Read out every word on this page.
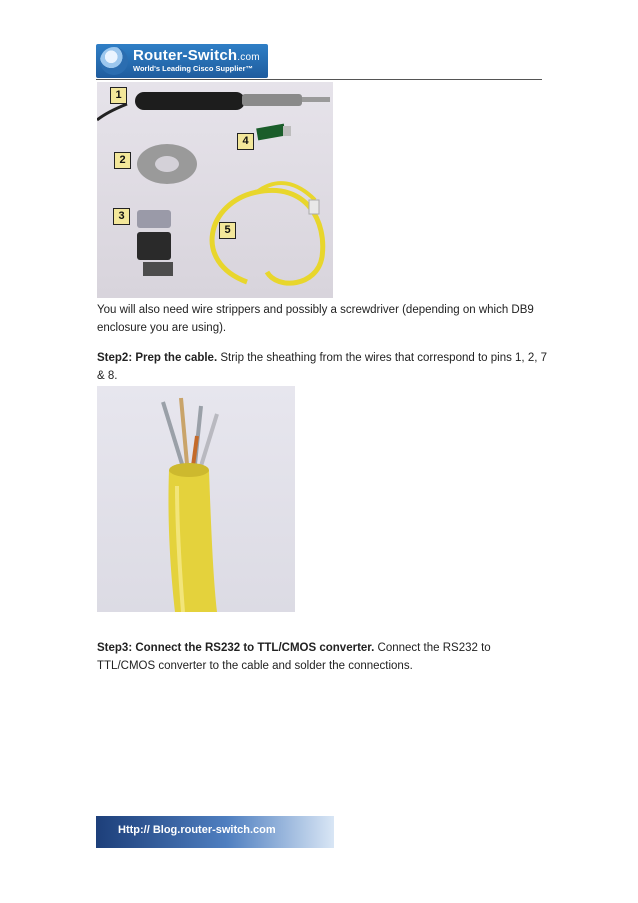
Router-Switch.com
World's Leading Cisco Supplier™
1
2
4
3
5
You will also need wire strippers and possibly a screwdriver (depending on which DB9 enclosure you are using).
Step2: Prep the cable. Strip the sheathing from the wires that correspond to pins 1, 2, 7 & 8.
Step3: Connect the RS232 to TTL/CMOS converter. Connect the RS232 to TTL/CMOS converter to the cable and solder the connections.
Http:// Blog.router-switch.com
